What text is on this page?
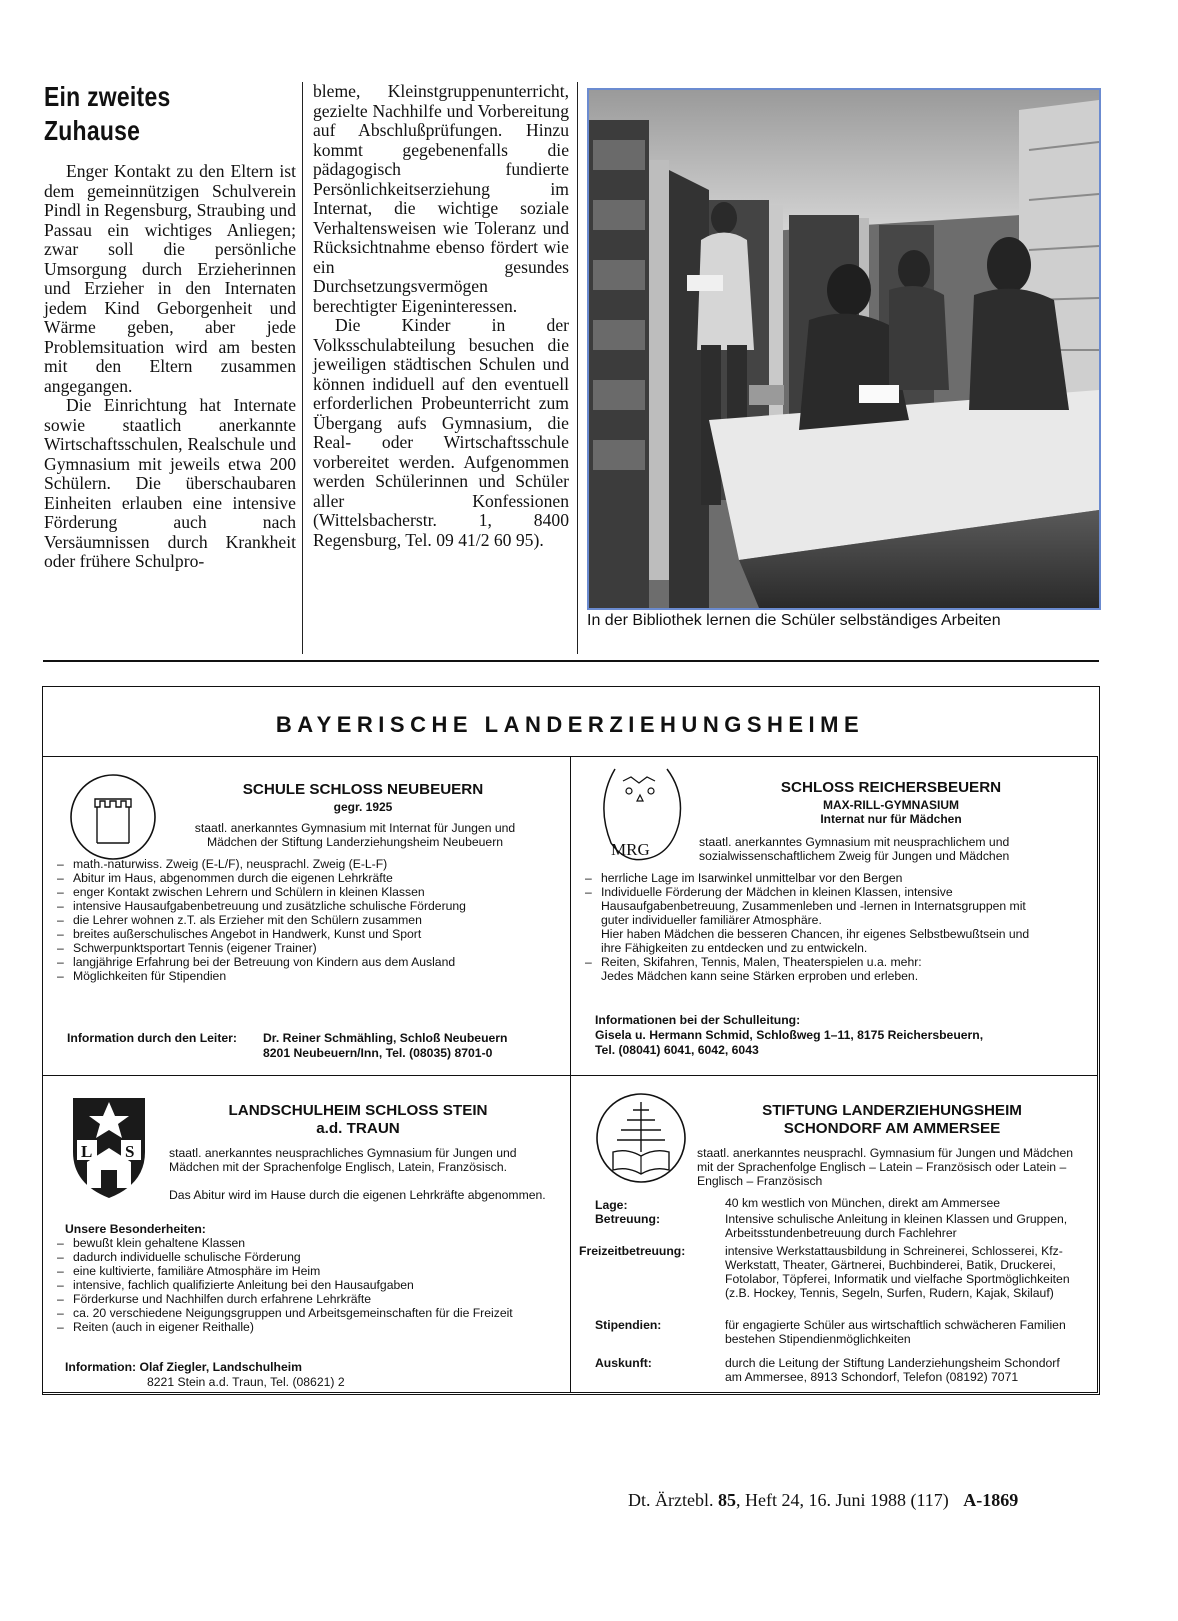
Ein zweites
Zuhause

Enger Kontakt zu den Eltern ist dem gemeinnützigen Schulverein Pindl in Regensburg, Straubing und Passau ein wichtiges Anliegen; zwar soll die persönliche Umsorgung durch Erzieherinnen und Erzieher in den Internaten jedem Kind Geborgenheit und Wärme geben, aber jede Problemsituation wird am besten mit den Eltern zusammen angegangen.

Die Einrichtung hat Internate sowie staatlich anerkannte Wirtschaftsschulen, Realschule und Gymnasium mit jeweils etwa 200 Schülern. Die überschaubaren Einheiten erlauben eine intensive Förderung auch nach Versäumnissen durch Krankheit oder frühere Schulpro-

bleme, Kleinstgruppenunterricht, gezielte Nachhilfe und Vorbereitung auf Abschlußprüfungen. Hinzu kommt gegebenenfalls die pädagogisch fundierte Persönlichkeitserziehung im Internat, die wichtige soziale Verhaltensweisen wie Toleranz und Rücksichtnahme ebenso fördert wie ein gesundes Durchsetzungsvermögen berechtigter Eigeninteressen.

Die Kinder in der Volksschulabteilung besuchen die jeweiligen städtischen Schulen und können indiduell auf den eventuell erforderlichen Probeunterricht zum Übergang aufs Gymnasium, die Real- oder Wirtschaftsschule vorbereitet werden. Aufgenommen werden Schülerinnen und Schüler aller Konfessionen (Wittelsbacherstr. 1, 8400 Regensburg, Tel. 09 41/2 60 95).

In der Bibliothek lernen die Schüler selbständiges Arbeiten
BAYERISCHE LANDERZIEHUNGSHEIME
SCHULE SCHLOSS NEUBEUERN
gegr. 1925
staatl. anerkanntes Gymnasium mit Internat für Jungen und Mädchen der Stiftung Landerziehungsheim Neubeuern
– math.-naturwiss. Zweig (E-L/F), neusprachl. Zweig (E-L-F)
– Abitur im Haus, abgenommen durch die eigenen Lehrkräfte
– enger Kontakt zwischen Lehrern und Schülern in kleinen Klassen
– intensive Hausaufgabenbetreuung und zusätzliche schulische Förderung
– die Lehrer wohnen z.T. als Erzieher mit den Schülern zusammen
– breites außerschulisches Angebot in Handwerk, Kunst und Sport
– Schwerpunktsportart Tennis (eigener Trainer)
– langjährige Erfahrung bei der Betreuung von Kindern aus dem Ausland
– Möglichkeiten für Stipendien
Information durch den Leiter: Dr. Reiner Schmähling, Schloß Neubeuern
8201 Neubeuern/Inn, Tel. (08035) 8701-0
MRG
SCHLOSS REICHERSBEUERN
MAX-RILL-GYMNASIUM
Internat nur für Mädchen
staatl. anerkanntes Gymnasium mit neusprachlichem und sozialwissenschaftlichem Zweig für Jungen und Mädchen
– herrliche Lage im Isarwinkel unmittelbar vor den Bergen
– Individuelle Förderung der Mädchen in kleinen Klassen, intensive Hausaufgabenbetreuung, Zusammenleben und -lernen in Internatsgruppen mit guter individueller familiärer Atmosphäre.
Hier haben Mädchen die besseren Chancen, ihr eigenes Selbstbewußtsein und ihre Fähigkeiten zu entdecken und zu entwickeln.
– Reiten, Skifahren, Tennis, Malen, Theaterspielen u.a. mehr:
Jedes Mädchen kann seine Stärken erproben und erleben.
Informationen bei der Schulleitung:
Gisela u. Hermann Schmid, Schloßweg 1–11, 8175 Reichersbeuern,
Tel. (08041) 6041, 6042, 6043
L S
LANDSCHULHEIM SCHLOSS STEIN
a.d. TRAUN
staatl. anerkanntes neusprachliches Gymnasium für Jungen und Mädchen mit der Sprachenfolge Englisch, Latein, Französisch.
Das Abitur wird im Hause durch die eigenen Lehrkräfte abgenommen.
Unsere Besonderheiten:
– bewußt klein gehaltene Klassen
– dadurch individuelle schulische Förderung
– eine kultivierte, familiäre Atmosphäre im Heim
– intensive, fachlich qualifizierte Anleitung bei den Hausaufgaben
– Förderkurse und Nachhilfen durch erfahrene Lehrkräfte
– ca. 20 verschiedene Neigungsgruppen und Arbeitsgemeinschaften für die Freizeit
– Reiten (auch in eigener Reithalle)
Information: Olaf Ziegler, Landschulheim
8221 Stein a.d. Traun, Tel. (08621) 2
STIFTUNG LANDERZIEHUNGSHEIM
SCHONDORF AM AMMERSEE
staatl. anerkanntes neusprachl. Gymnasium für Jungen und Mädchen mit der Sprachenfolge Englisch – Latein – Französisch oder Latein – Englisch – Französisch
Lage:	40 km westlich von München, direkt am Ammersee
Betreuung:	Intensive schulische Anleitung in kleinen Klassen und Gruppen, Arbeitsstundenbetreuung durch Fachlehrer
Freizeitbetreuung:	intensive Werkstattausbildung in Schreinerei, Schlosserei, Kfz-Werkstatt, Theater, Gärtnerei, Buchbinderei, Batik, Druckerei, Fotolabor, Töpferei, Informatik und vielfache Sportmöglichkeiten (z.B. Hockey, Tennis, Segeln, Surfen, Rudern, Kajak, Skilauf)
Stipendien:	für engagierte Schüler aus wirtschaftlich schwächeren Familien bestehen Stipendienmöglichkeiten
Auskunft:	durch die Leitung der Stiftung Landerziehungsheim Schondorf am Ammersee, 8913 Schondorf, Telefon (08192) 7071
Dt. Ärztebl. 85, Heft 24, 16. Juni 1988 (117) A-1869
